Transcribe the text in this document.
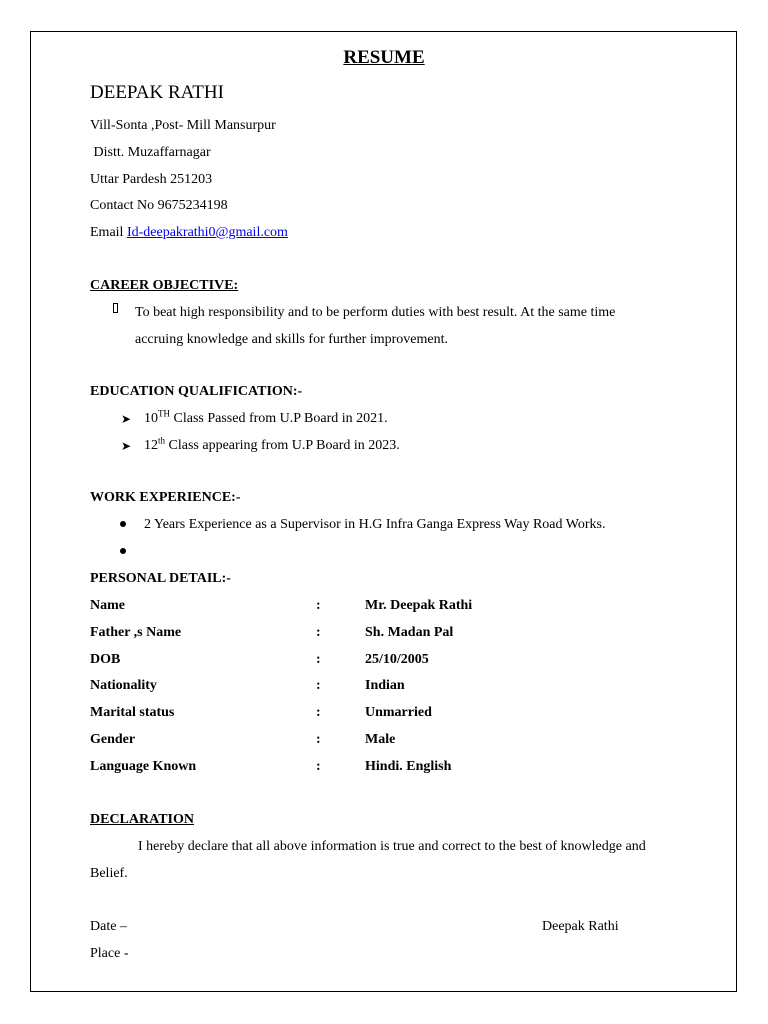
RESUME
DEEPAK RATHI
Vill-Sonta ,Post- Mill Mansurpur
Distt. Muzaffarnagar
Uttar Pardesh 251203
Contact No 9675234198
Email Id-deepakrathi0@gmail.com
CAREER OBJECTIVE:
To beat high responsibility and to be perform duties with best result. At the same time
accruing knowledge and skills for further improvement.
EDUCATION QUALIFICATION:-
➤ 10TH Class Passed from U.P Board in 2021.
➤ 12th Class appearing from U.P Board in 2023.
WORK EXPERIENCE:-
2 Years Experience as a Supervisor in H.G Infra Ganga Express Way Road Works.
PERSONAL DETAIL:-
Name	:	Mr. Deepak Rathi
Father ,s Name	:	Sh. Madan Pal
DOB	:	25/10/2005
Nationality	:	Indian
Marital status	:	Unmarried
Gender	:	Male
Language Known	:	Hindi. English
DECLARATION
I hereby declare that all above information is true and correct to the best of knowledge and
Belief.
Date –	Deepak Rathi
Place -
